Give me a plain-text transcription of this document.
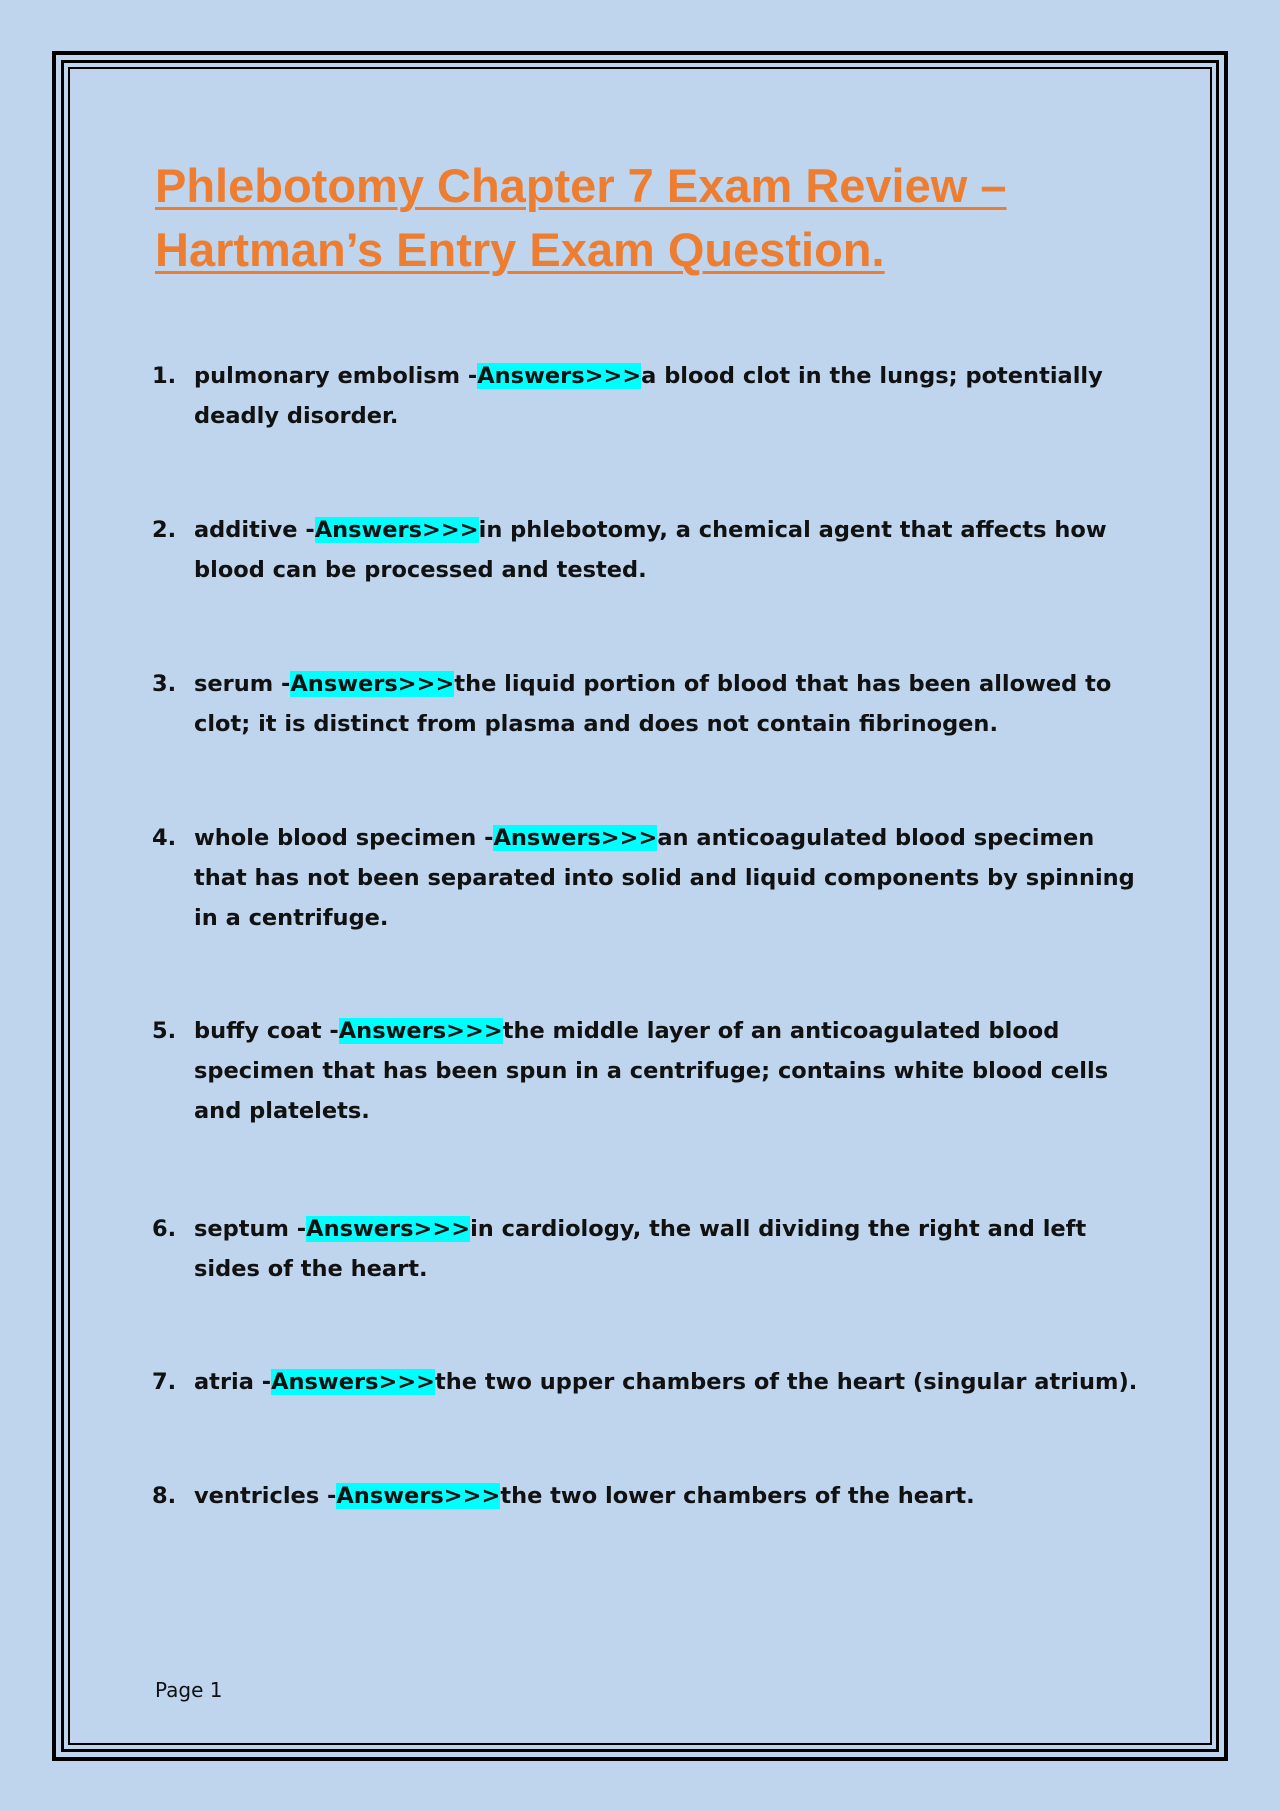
Phlebotomy Chapter 7 Exam Review –
Hartman’s Entry Exam Question.
1. pulmonary embolism -Answers>>>a blood clot in the lungs; potentially deadly disorder.
2. additive -Answers>>>in phlebotomy, a chemical agent that affects how blood can be processed and tested.
3. serum -Answers>>>the liquid portion of blood that has been allowed to clot; it is distinct from plasma and does not contain fibrinogen.
4. whole blood specimen -Answers>>>an anticoagulated blood specimen that has not been separated into solid and liquid components by spinning in a centrifuge.
5. buffy coat -Answers>>>the middle layer of an anticoagulated blood specimen that has been spun in a centrifuge; contains white blood cells and platelets.
6. septum -Answers>>>in cardiology, the wall dividing the right and left sides of the heart.
7. atria -Answers>>>the two upper chambers of the heart (singular atrium).
8. ventricles -Answers>>>the two lower chambers of the heart.
Page 1
